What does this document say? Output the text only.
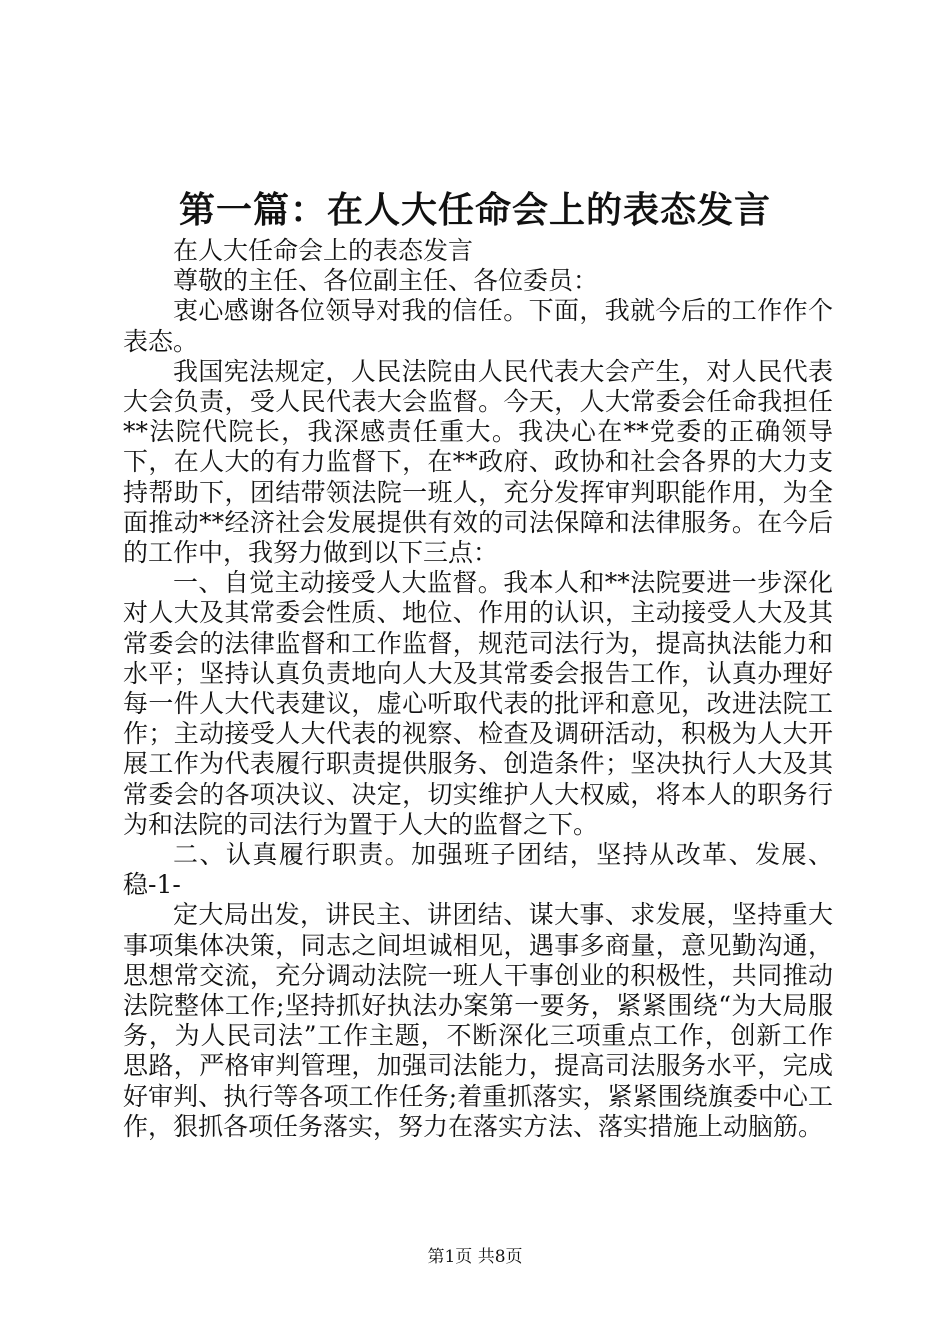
第一篇：在人大任命会上的表态发言

在人大任命会上的表态发言

尊敬的主任、各位副主任、各位委员：

衷心感谢各位领导对我的信任。下面，我就今后的工作作个表态。

我国宪法规定，人民法院由人民代表大会产生，对人民代表大会负责，受人民代表大会监督。今天，人大常委会任命我担任**法院代院长，我深感责任重大。我决心在**党委的正确领导下，在人大的有力监督下，在**政府、政协和社会各界的大力支持帮助下，团结带领法院一班人，充分发挥审判职能作用，为全面推动**经济社会发展提供有效的司法保障和法律服务。在今后的工作中，我努力做到以下三点：

一、自觉主动接受人大监督。我本人和**法院要进一步深化对人大及其常委会性质、地位、作用的认识，主动接受人大及其常委会的法律监督和工作监督，规范司法行为，提高执法能力和水平；坚持认真负责地向人大及其常委会报告工作，认真办理好每一件人大代表建议，虚心听取代表的批评和意见，改进法院工作；主动接受人大代表的视察、检查及调研活动，积极为人大开展工作为代表履行职责提供服务、创造条件；坚决执行人大及其常委会的各项决议、决定，切实维护人大权威，将本人的职务行为和法院的司法行为置于人大的监督之下。

二、认真履行职责。加强班子团结，坚持从改革、发展、稳-1-

定大局出发，讲民主、讲团结、谋大事、求发展，坚持重大事项集体决策，同志之间坦诚相见，遇事多商量，意见勤沟通，思想常交流，充分调动法院一班人干事创业的积极性，共同推动法院整体工作;坚持抓好执法办案第一要务，紧紧围绕“为大局服务，为人民司法”工作主题，不断深化三项重点工作，创新工作思路，严格审判管理，加强司法能力，提高司法服务水平，完成好审判、执行等各项工作任务;着重抓落实，紧紧围绕旗委中心工作，狠抓各项任务落实，努力在落实方法、落实措施上动脑筋。

第1页 共8页
